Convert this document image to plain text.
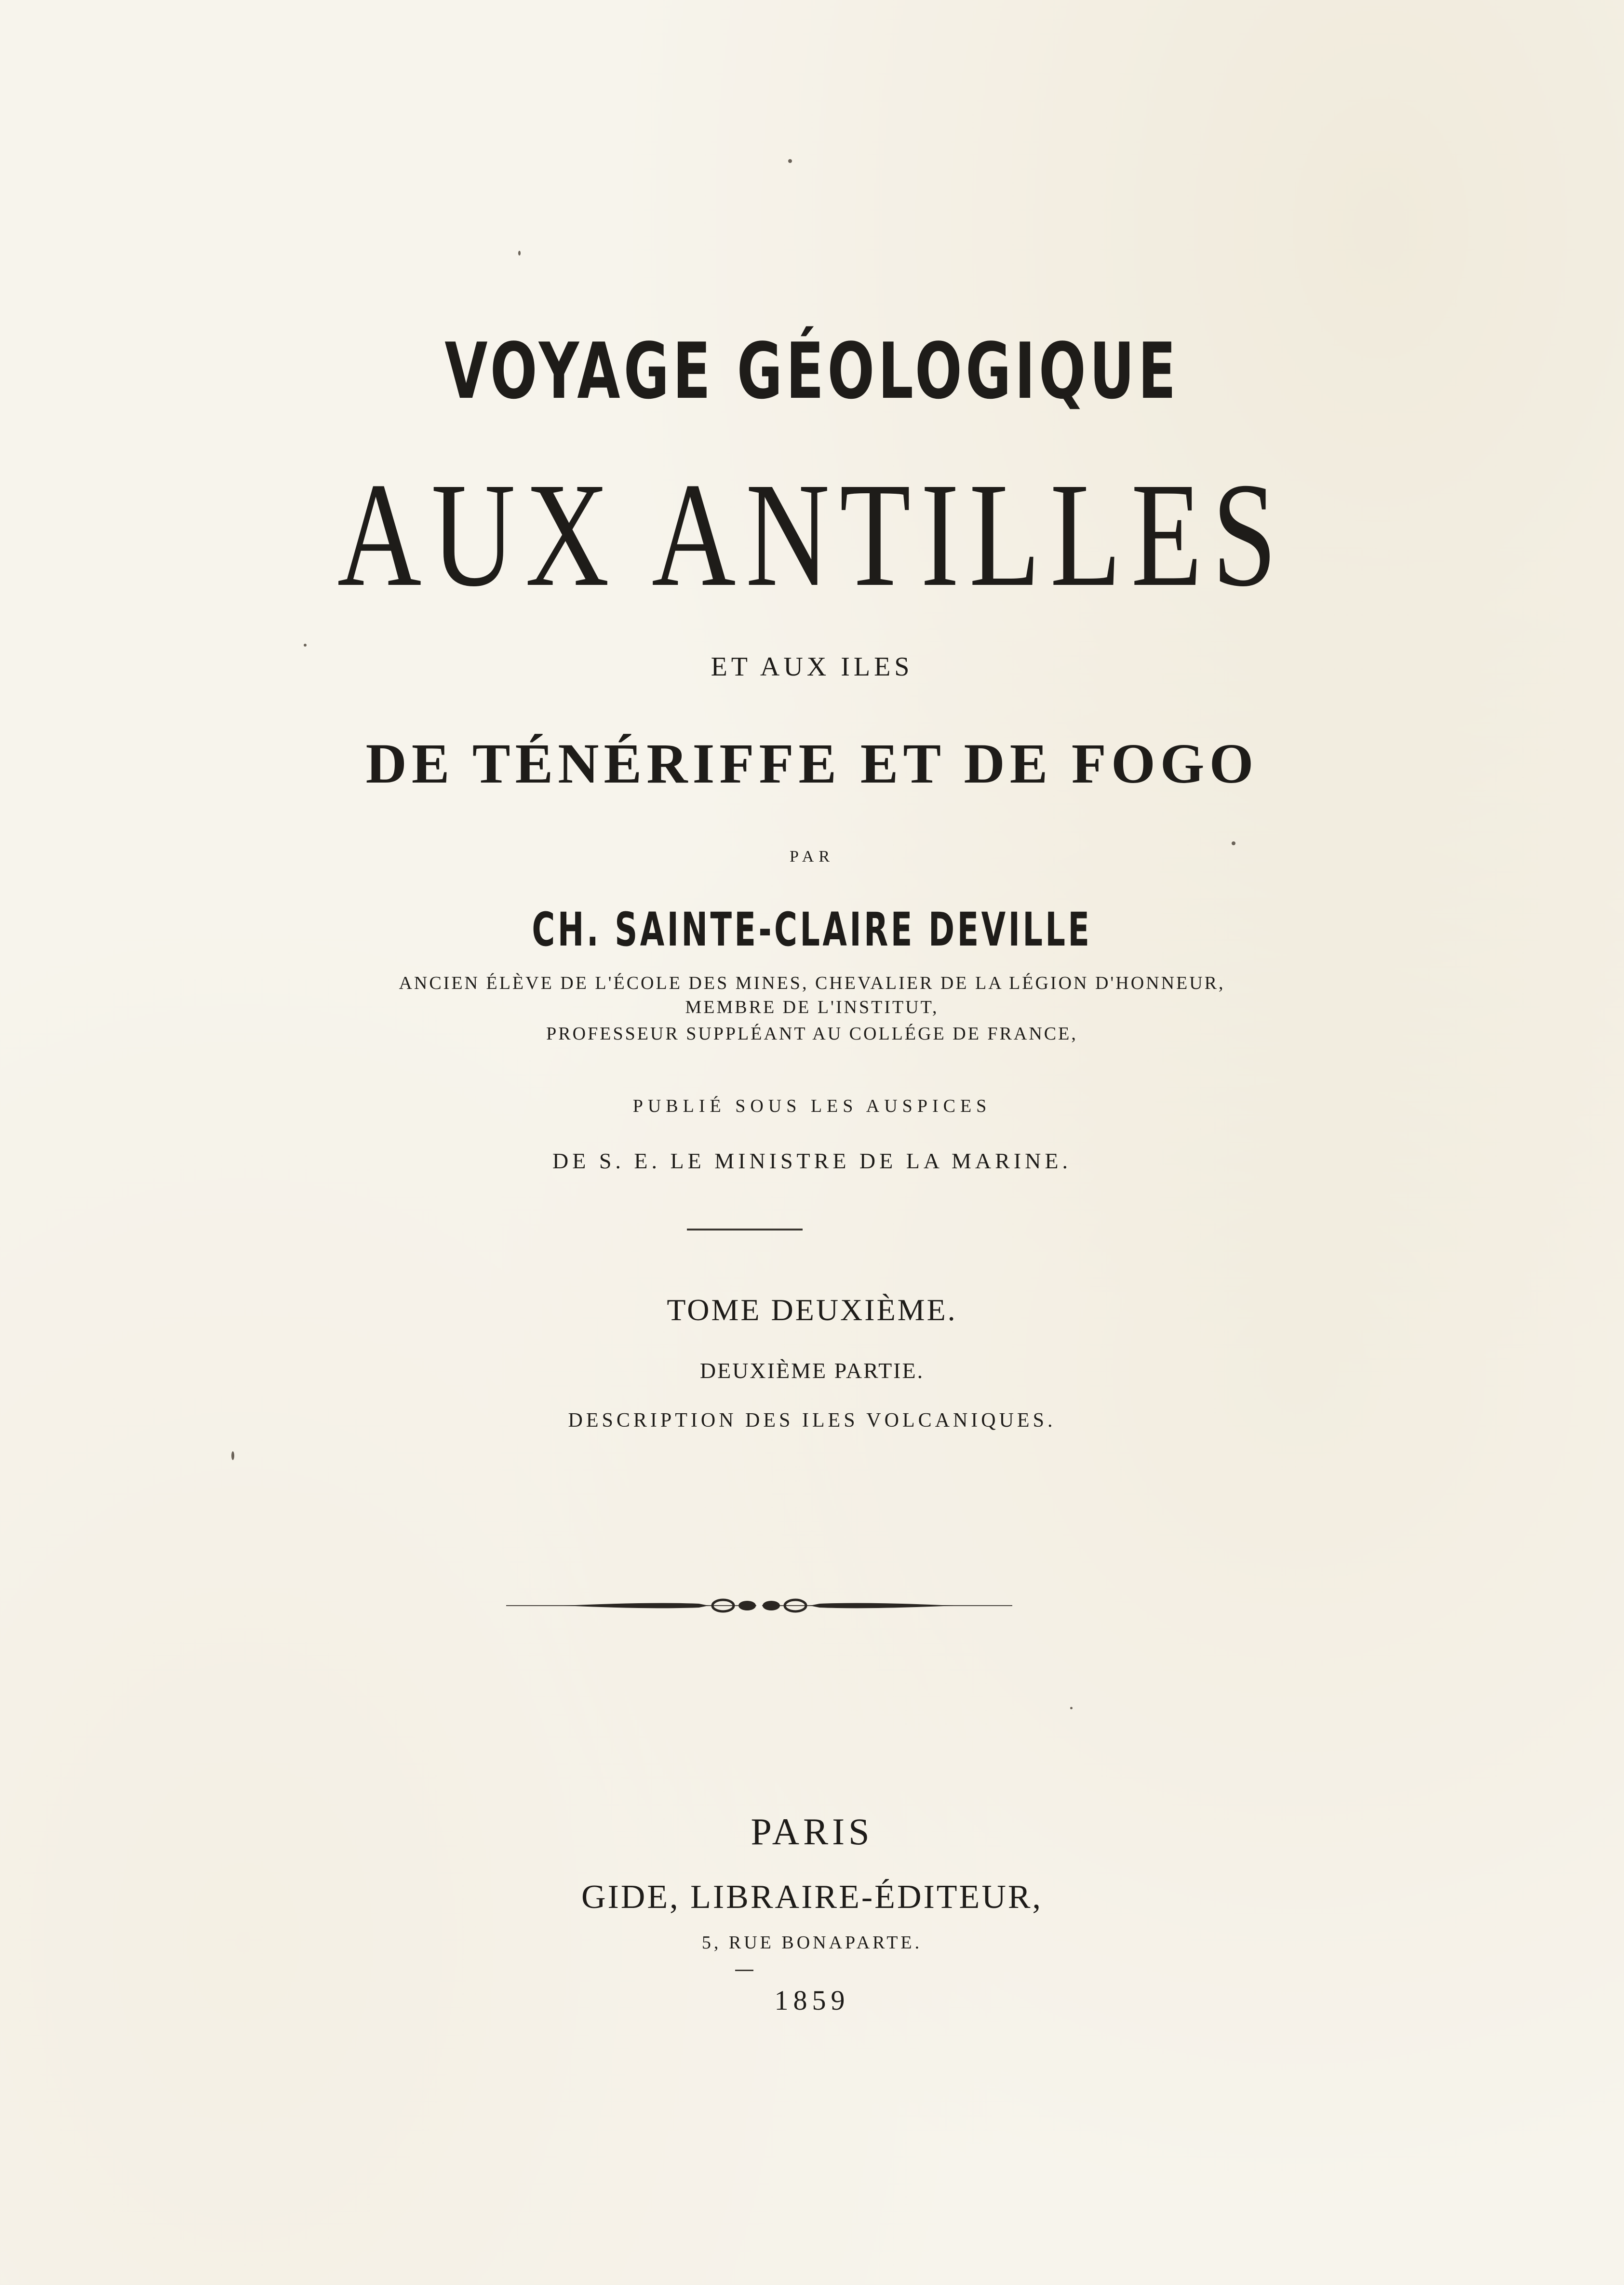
VOYAGE GÉOLOGIQUE
AUX ANTILLES
ET AUX ILES
DE TÉNÉRIFFE ET DE FOGO
PAR
CH. SAINTE-CLAIRE DEVILLE
ANCIEN ÉLÈVE DE L'ÉCOLE DES MINES, CHEVALIER DE LA LÉGION D'HONNEUR,
MEMBRE DE L'INSTITUT,
PROFESSEUR SUPPLÉANT AU COLLÉGE DE FRANCE,
PUBLIÉ SOUS LES AUSPICES
DE S. E. LE MINISTRE DE LA MARINE.
TOME DEUXIÈME.
DEUXIÈME PARTIE.
DESCRIPTION DES ILES VOLCANIQUES.
PARIS
GIDE, LIBRAIRE-ÉDITEUR,
5, RUE BONAPARTE.
1859
